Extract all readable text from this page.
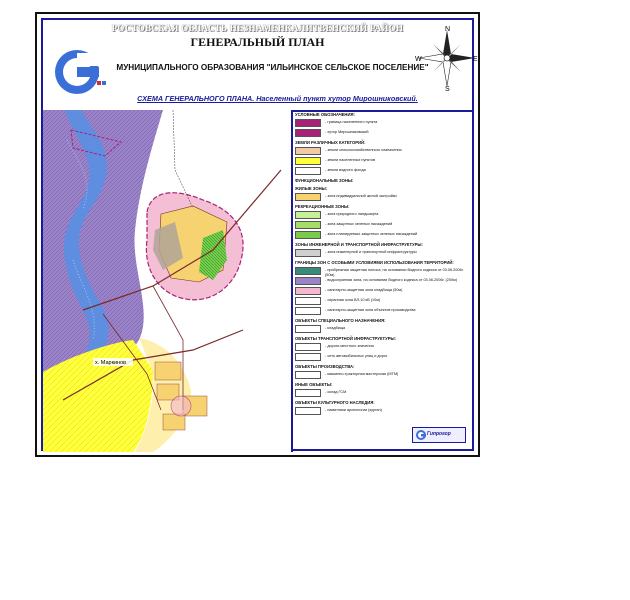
РОСТОВСКАЯ ОБЛАСТЬ НЕЗНАМЕНКАЛИТВЕНСКИЙ РАЙОН
ГЕНЕРАЛЬНЫЙ ПЛАН
МУНИЦИПАЛЬНОГО ОБРАЗОВАНИЯ "ИЛЬИНСКОЕ СЕЛЬСКОЕ ПОСЕЛЕНИЕ"
СХЕМА ГЕНЕРАЛЬНОГО ПЛАНА. Населенный пункт хутор Мирошниковский.
N
S
W	E
х. Маркинов
УСЛОВНЫЕ ОБОЗНАЧЕНИЯ:
- граница населенного пункта
- хутор Мирошниковский
ЗЕМЛИ РАЗЛИЧНЫХ КАТЕГОРИЙ:
- земли сельскохозяйственного назначения
- земли населенных пунктов
- земли водного фонда
ФУНКЦИОНАЛЬНЫЕ ЗОНЫ:
ЖИЛЫЕ ЗОНЫ:
- зона индивидуальной жилой застройки
РЕКРЕАЦИОННЫЕ ЗОНЫ:
- зона природного ландшафта
- зона защитных зеленых насаждений
- зона планируемых защитных зеленых насаждений
ЗОНЫ ИНЖЕНЕРНОЙ И ТРАНСПОРТНОЙ ИНФРАСТРУКТУРЫ:
- зона инженерной и транспортной инфраструктуры
ГРАНИЦЫ ЗОН С ОСОБЫМИ УСЛОВИЯМИ ИСПОЛЬЗОВАНИЯ ТЕРРИТОРИЙ:
- прибрежная защитная полоса, на основании Водного кодекса от 03.06.2006г. (50м)
- водоохранная зона, на основании Водного кодекса от 03.06.2006г. (200м)
- санитарно-защитная зона кладбища (50м)
- охранная зона ВЛ-10 кВ (10м)
- санитарно-защитная зона объектов производства
ОБЪЕКТЫ СПЕЦИАЛЬНОГО НАЗНАЧЕНИЯ:
- кладбища
ОБЪЕКТЫ ТРАНСПОРТНОЙ ИНФРАСТРУКТУРЫ:
- дороги местного значения
- сеть автомобильных улиц и дорог
ОБЪЕКТЫ ПРОИЗВОДСТВА:
- машинно-тракторная мастерская (МТМ)
ИНЫЕ ОБЪЕКТЫ:
- склад ГСМ
ОБЪЕКТЫ КУЛЬТУРНОГО НАСЛЕДИЯ:
- памятники археологии (курган)
Гипрогор
